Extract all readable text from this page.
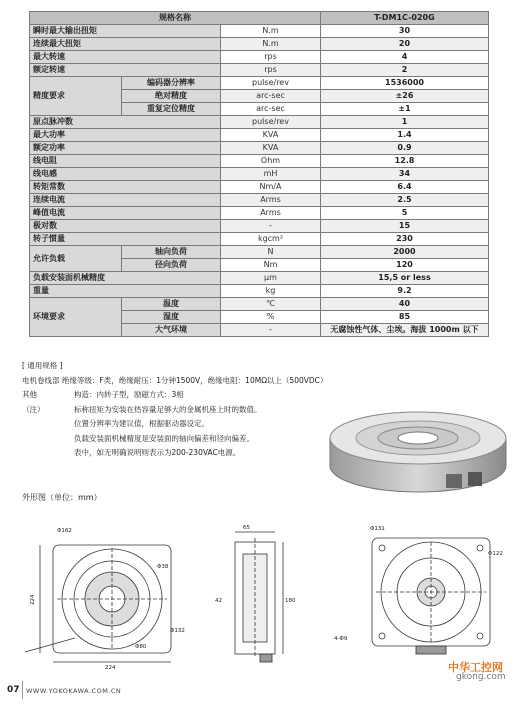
规格名称			T-DM1C-020G
瞬时最大输出扭矩		N.m	30
连续最大扭矩		N.m	20
最大转速		rps	4
额定转速		rps	2
精度要求	编码器分辨率	pulse/rev	1536000
	绝对精度	arc-sec	±26
	重复定位精度	arc-sec	±1
原点脉冲数		pulse/rev	1
最大功率		KVA	1.4
额定功率		KVA	0.9
线电阻		Ohm	12.8
线电感		mH	34
转矩常数		Nm/A	6.4
连续电流		Arms	2.5
峰值电流		Arms	5
极对数		-	15
转子惯量		kgcm²	230
允许负载	轴向负荷	N	2000
	径向负荷	Nm	120
负载安装面机械精度		μm	15,5 or less
重量		kg	9.2
环境要求	温度	℃	40
	湿度	%	85
	大气环境	-	无腐蚀性气体、尘埃。海拔 1000m 以下
[ 通用规格 ]
电机卷线部 绝缘等级：F类，绝缘耐压：1分钟1500V，绝缘电阻：10MΩ以上（500VDC）
其他	构造：内转子型，励磁方式：3相
（注）	标称扭矩为安装在热容量足够大的金属机座上时的数值。
位置分辨率为建议值，根据驱动器设定。
负载安装面机械精度是安装面的轴向偏差和径向偏差。
表中，如无明确说明则表示为200-230VAC电源。
外形图（单位：mm）
Φ162
Φ38
Φ132
Φ80
224
224
65
180
42
Φ131
Φ122
4-Φ9
中华工控网
gkong.com
07 WWW.YOKOKAWA.COM.CN
